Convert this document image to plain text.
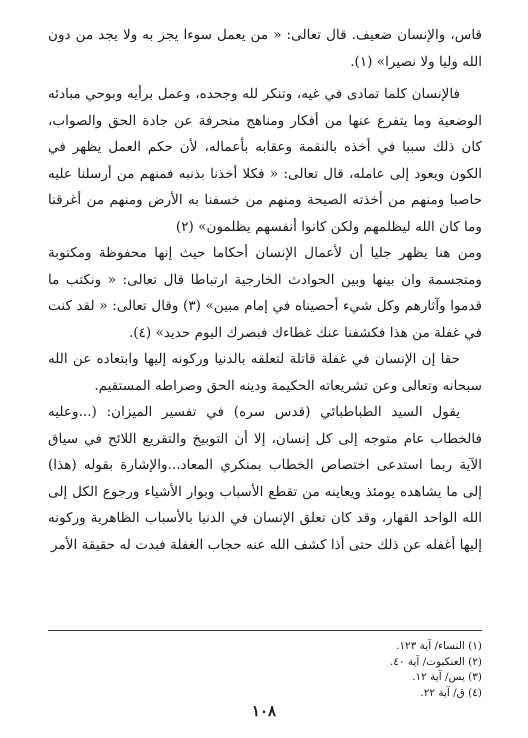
قاس، والإنسان ضعيف. قال تعالى: « من يعمل سوءا يجز به ولا يجد من دون الله وليا ولا نصيرا» (١).

فالإنسان كلما تمادى في غيه، وتنكر لله وجحده، وعمل برأيه وبوحي مبادئه الوضعية وما يتفرع عنها من أفكار ومناهج منحرفة عن جادة الحق والصواب، كان ذلك سببا في أخذه بالنقمة وعقابه بأعماله، لأن حكم العمل يظهر في الكون ويعود إلى عامله، قال تعالى: « فكلا أخذنا بذنبه فمنهم من أرسلنا عليه حاصبا ومنهم من أخذته الصيحة ومنهم من خسفنا به الأرض ومنهم من أغرقنا وما كان الله ليظلمهم ولكن كانوا أنفسهم يظلمون» (٢)

ومن هنا يظهر جليا أن لأعمال الإنسان أحكاما حيث إنها محفوظة ومكتوبة ومتجسمة وان بينها وبين الحوادث الخارجية ارتباطا قال تعالى: « ونكتب ما قدموا وآثارهم وكل شيء أحصيناه في إمام مبين» (٣) وقال تعالى: « لقد كنت في غفلة من هذا فكشفنا عنك غطاءك فبصرك اليوم حديد» (٤).

حقا إن الإنسان في غفلة قاتلة لتعلقه بالدنيا وركونه إليها وابتعاده عن الله سبحانه وتعالى وعن تشريعاته الحكيمة ودينه الحق وصراطه المستقيم.

يقول السيد الطباطبائي (قدس سره) في تفسير الميزان: (...وعليه فالخطاب عام متوجه إلى كل إنسان، إلا أن التوبيخ والتقريع اللائح في سياق الآية ربما استدعى اختصاص الخطاب بمنكري المعاد...والإشارة بقوله (هذا) إلى ما يشاهده يومئذ ويعاينه من تقطع الأسباب وبوار الأشياء ورجوع الكل إلى الله الواحد القهار، وقد كان تعلق الإنسان في الدنيا بالأسباب الظاهرية وركونه إليها أغفله عن ذلك حتى أذا كشف الله عنه حجاب الغفلة فبدت له حقيقة الأمر

(١) النساء/ آية ١٢٣.

(٢) العنكبوت/ آية ٤٠.

(٣) يس/ آية ١٢.

(٤) ق/ آية ٢٢.

١٠٨
